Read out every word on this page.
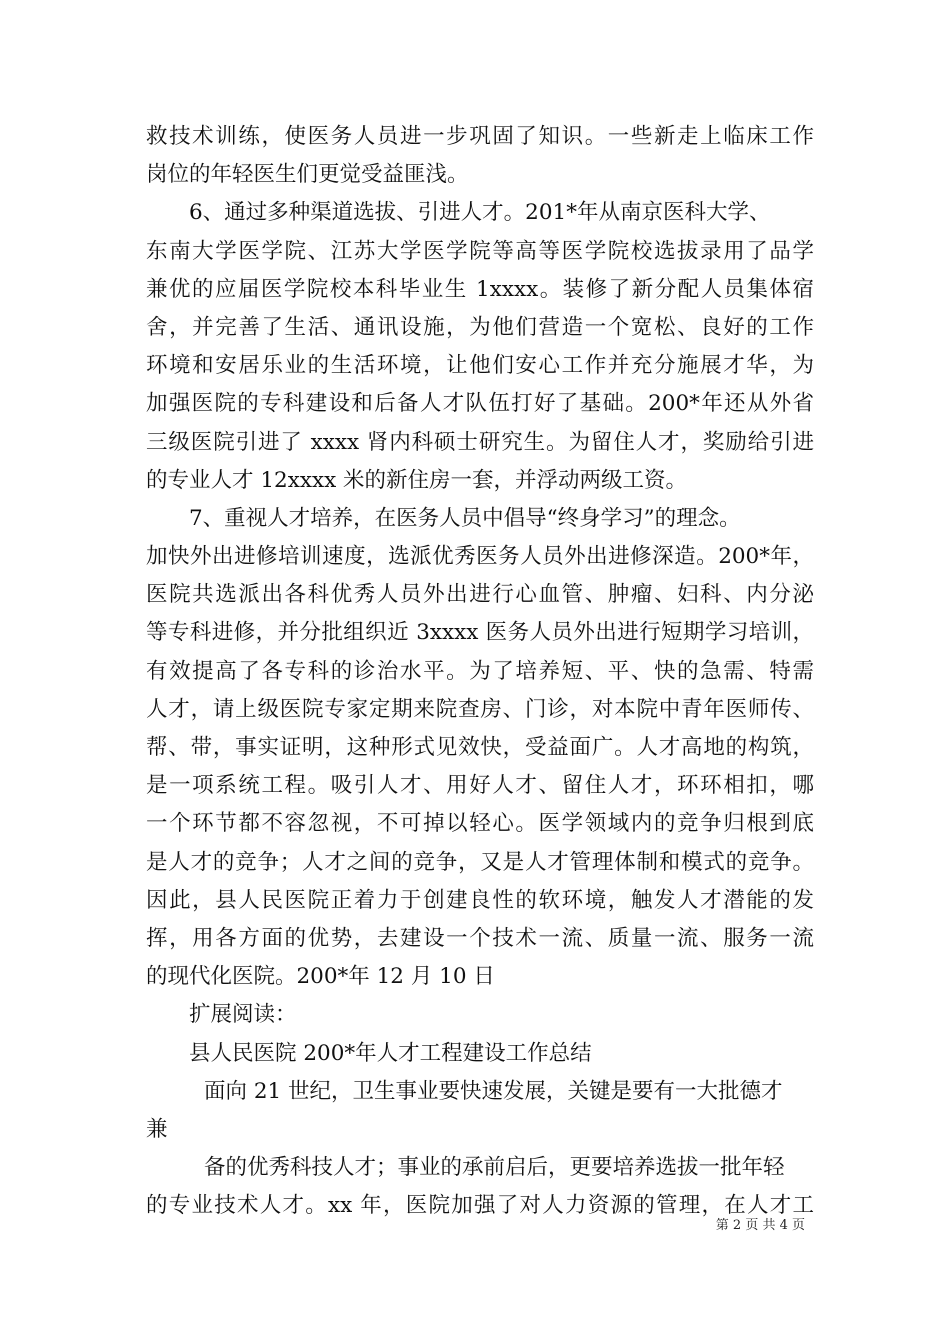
救技术训练，使医务人员进一步巩固了知识。一些新走上临床工作
岗位的年轻医生们更觉受益匪浅。
6、通过多种渠道选拔、引进人才。201*年从南京医科大学、
东南大学医学院、江苏大学医学院等高等医学院校选拔录用了品学
兼优的应届医学院校本科毕业生 1xxxx。装修了新分配人员集体宿
舍，并完善了生活、通讯设施，为他们营造一个宽松、良好的工作
环境和安居乐业的生活环境，让他们安心工作并充分施展才华，为
加强医院的专科建设和后备人才队伍打好了基础。200*年还从外省
三级医院引进了 xxxx 肾内科硕士研究生。为留住人才，奖励给引进
的专业人才 12xxxx 米的新住房一套，并浮动两级工资。
7、重视人才培养，在医务人员中倡导“终身学习”的理念。
加快外出进修培训速度，选派优秀医务人员外出进修深造。200*年，
医院共选派出各科优秀人员外出进行心血管、肿瘤、妇科、内分泌
等专科进修，并分批组织近 3xxxx 医务人员外出进行短期学习培训，
有效提高了各专科的诊治水平。为了培养短、平、快的急需、特需
人才，请上级医院专家定期来院查房、门诊，对本院中青年医师传、
帮、带，事实证明，这种形式见效快，受益面广。人才高地的构筑，
是一项系统工程。吸引人才、用好人才、留住人才，环环相扣，哪
一个环节都不容忽视，不可掉以轻心。医学领域内的竞争归根到底
是人才的竞争；人才之间的竞争，又是人才管理体制和模式的竞争。
因此，县人民医院正着力于创建良性的软环境，触发人才潜能的发
挥，用各方面的优势，去建设一个技术一流、质量一流、服务一流
的现代化医院。200*年 12 月 10 日
扩展阅读：
县人民医院 200*年人才工程建设工作总结
面向 21 世纪，卫生事业要快速发展，关键是要有一大批德才
兼
备的优秀科技人才；事业的承前启后，更要培养选拔一批年轻
的专业技术人才。xx 年，医院加强了对人力资源的管理，在人才工
第 2 页 共 4 页
